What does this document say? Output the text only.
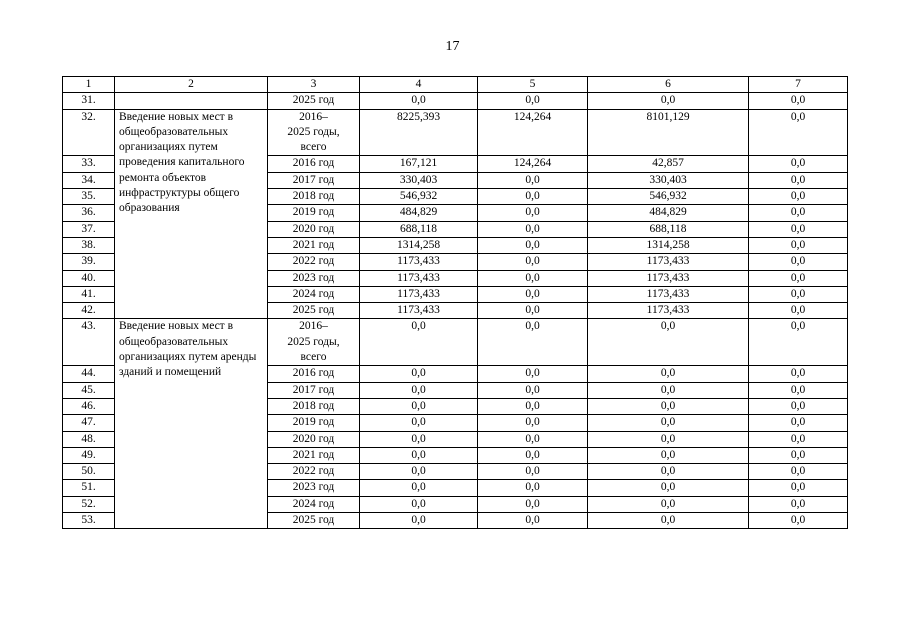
17
1	2	3	4	5	6	7
31.		2025 год	0,0	0,0	0,0	0,0
32.	Введение новых мест в общеобразовательных организациях путем проведения капитального ремонта объектов инфраструктуры общего образования	2016–
2025 годы,
всего	8225,393	124,264	8101,129	0,0
33.		2016 год	167,121	124,264	42,857	0,0
34.		2017 год	330,403	0,0	330,403	0,0
35.		2018 год	546,932	0,0	546,932	0,0
36.		2019 год	484,829	0,0	484,829	0,0
37.		2020 год	688,118	0,0	688,118	0,0
38.		2021 год	1314,258	0,0	1314,258	0,0
39.		2022 год	1173,433	0,0	1173,433	0,0
40.		2023 год	1173,433	0,0	1173,433	0,0
41.		2024 год	1173,433	0,0	1173,433	0,0
42.		2025 год	1173,433	0,0	1173,433	0,0
43.	Введение новых мест в общеобразовательных организациях путем аренды зданий и помещений	2016–
2025 годы,
всего	0,0	0,0	0,0	0,0
44.		2016 год	0,0	0,0	0,0	0,0
45.		2017 год	0,0	0,0	0,0	0,0
46.		2018 год	0,0	0,0	0,0	0,0
47.		2019 год	0,0	0,0	0,0	0,0
48.		2020 год	0,0	0,0	0,0	0,0
49.		2021 год	0,0	0,0	0,0	0,0
50.		2022 год	0,0	0,0	0,0	0,0
51.		2023 год	0,0	0,0	0,0	0,0
52.		2024 год	0,0	0,0	0,0	0,0
53.		2025 год	0,0	0,0	0,0	0,0
